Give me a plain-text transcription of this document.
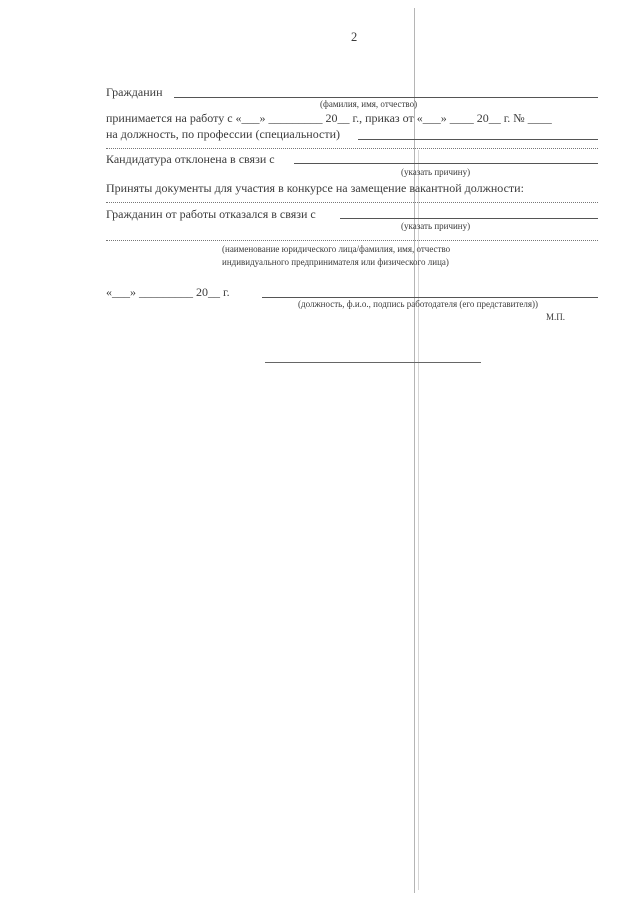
2
Гражданин
(фамилия, имя, отчество)
принимается на работу с «___» _________ 20__ г., приказ от «___» ____ 20__ г. № ____
на должность, по профессии (специальности)
Кандидатура отклонена в связи с
(указать причину)
Приняты документы для участия в конкурсе на замещение вакантной должности:
Гражданин от работы отказался в связи с
(указать причину)
(наименование юридического лица/фамилия, имя, отчество
индивидуального предпринимателя или физического лица)
«___» _________ 20__ г.
(должность, ф.и.о., подпись работодателя (его представителя))
М.П.
